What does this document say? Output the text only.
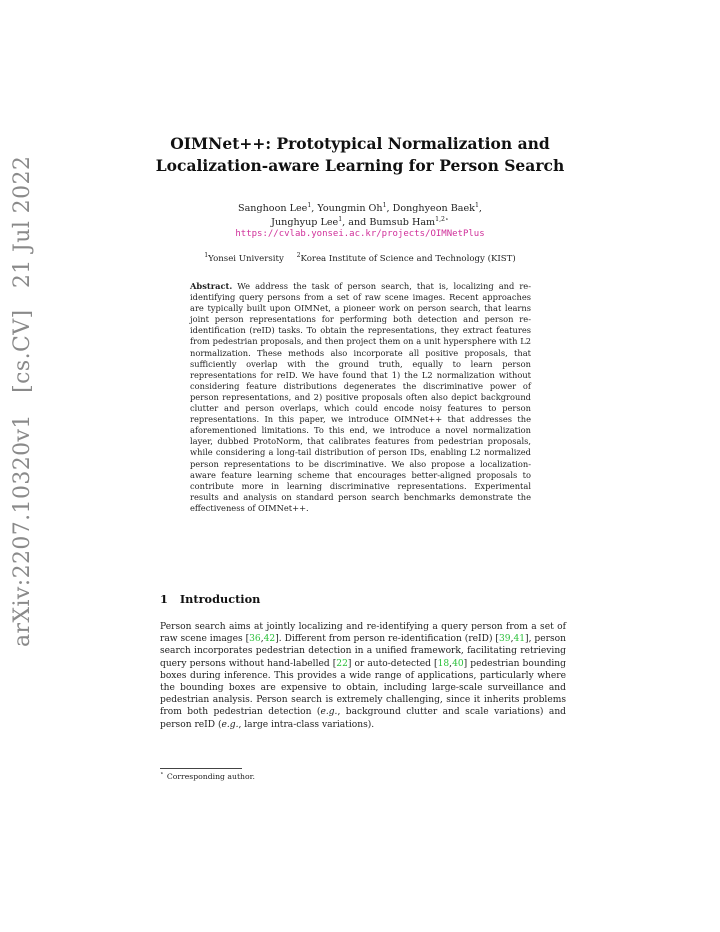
arXiv:2207.10320v1 [cs.CV] 21 Jul 2022
OIMNet++: Prototypical Normalization and
Localization-aware Learning for Person Search
Sanghoon Lee$^1$, Youngmin Oh$^1$, Donghyeon Baek$^1$,
Junghyup Lee$^1$, and Bumsub Ham$^{1,2⋆}$
https://cvlab.yonsei.ac.kr/projects/OIMNetPlus
$^1$Yonsei University $^2$Korea Institute of Science and Technology (KIST)
Abstract. We address the task of person search, that is, localizing and re-identifying query persons from a set of raw scene images. Recent approaches are typically built upon OIMNet, a pioneer work on person search, that learns joint person representations for performing both detection and person re-identification (reID) tasks. To obtain the representations, they extract features from pedestrian proposals, and then project them on a unit hypersphere with L2 normalization. These methods also incorporate all positive proposals, that sufficiently overlap with the ground truth, equally to learn person representations for reID. We have found that 1) the L2 normalization without considering feature distributions degenerates the discriminative power of person representations, and 2) positive proposals often also depict background clutter and person overlaps, which could encode noisy features to person representations. In this paper, we introduce OIMNet++ that addresses the aforementioned limitations. To this end, we introduce a novel normalization layer, dubbed ProtoNorm, that calibrates features from pedestrian proposals, while considering a long-tail distribution of person IDs, enabling L2 normalized person representations to be discriminative. We also propose a localization-aware feature learning scheme that encourages better-aligned proposals to contribute more in learning discriminative representations. Experimental results and analysis on standard person search benchmarks demonstrate the effectiveness of OIMNet++.
1 Introduction

Person search aims at jointly localizing and re-identifying a query person from a set of raw scene images [36,42]. Different from person re-identification (reID) [39,41], person search incorporates pedestrian detection in a unified framework, facilitating retrieving query persons without hand-labelled [22] or auto-detected [18,40] pedestrian bounding boxes during inference. This provides a wide range of applications, particularly where the bounding boxes are expensive to obtain, including large-scale surveillance and pedestrian analysis. Person search is extremely challenging, since it inherits problems from both pedestrian detection (e.g., background clutter and scale variations) and person reID (e.g., large intra-class variations).

⋆ Corresponding author.
